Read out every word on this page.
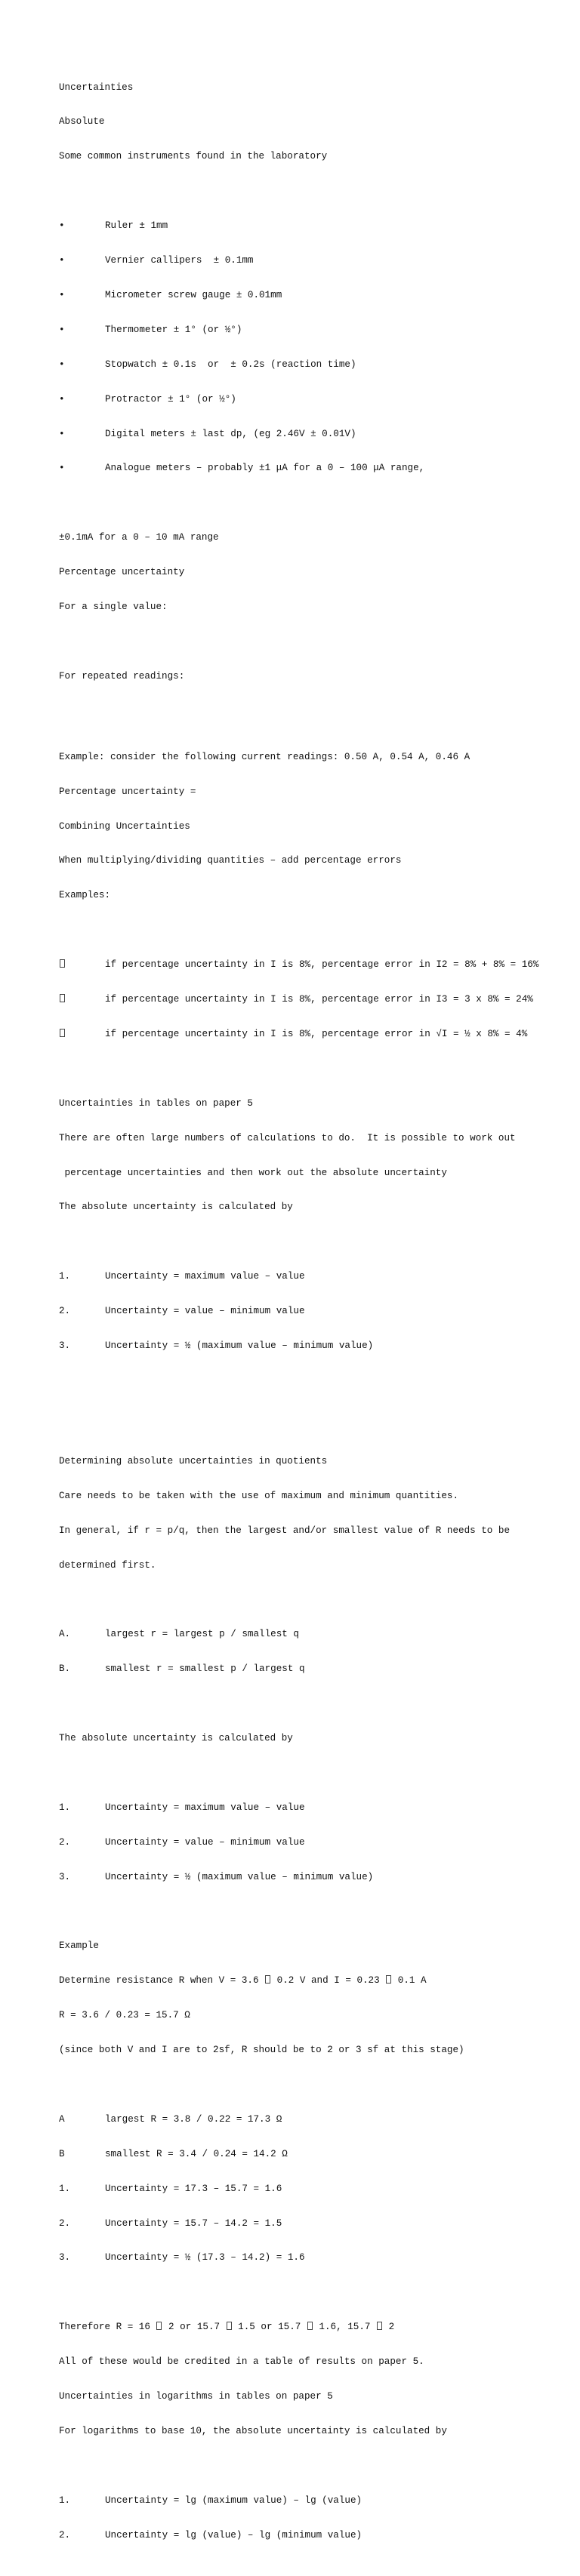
Uncertainties

Absolute

Some common instruments found in the laboratory

•	Ruler ± 1mm

•	Vernier callipers  ± 0.1mm

•	Micrometer screw gauge ± 0.01mm

•	Thermometer ± 1° (or ½°)

•	Stopwatch ± 0.1s  or  ± 0.2s (reaction time)

•	Protractor ± 1° (or ½°)

•	Digital meters ± last dp, (eg 2.46V ± 0.01V)

•	Analogue meters – probably ±1 μA for a 0 – 100 μA range,

±0.1mA for a 0 – 10 mA range

Percentage uncertainty

For a single value:

For repeated readings:

Example: consider the following current readings: 0.50 A, 0.54 A, 0.46 A

Percentage uncertainty =

Combining Uncertainties

When multiplying/dividing quantities – add percentage errors

Examples:

if percentage uncertainty in I is 8%, percentage error in I2 = 8% + 8% = 16%

if percentage uncertainty in I is 8%, percentage error in I3 = 3 x 8% = 24%

if percentage uncertainty in I is 8%, percentage error in √I = ½ x 8% = 4%

Uncertainties in tables on paper 5

There are often large numbers of calculations to do.  It is possible to work out

percentage uncertainties and then work out the absolute uncertainty

The absolute uncertainty is calculated by

1.	Uncertainty = maximum value – value

2.	Uncertainty = value – minimum value

3.	Uncertainty = ½ (maximum value – minimum value)

Determining absolute uncertainties in quotients

Care needs to be taken with the use of maximum and minimum quantities.

In general, if r = p/q, then the largest and/or smallest value of R needs to be

determined first.

A.	largest r = largest p / smallest q

B.	smallest r = smallest p / largest q

The absolute uncertainty is calculated by

1.	Uncertainty = maximum value – value

2.	Uncertainty = value – minimum value

3.	Uncertainty = ½ (maximum value – minimum value)

Example

Determine resistance R when V = 3.6  0.2 V and I = 0.23  0.1 A

R = 3.6 / 0.23 = 15.7 Ω

(since both V and I are to 2sf, R should be to 2 or 3 sf at this stage)

A	largest R = 3.8 / 0.22 = 17.3 Ω

B	smallest R = 3.4 / 0.24 = 14.2 Ω

1.	Uncertainty = 17.3 – 15.7 = 1.6

2.	Uncertainty = 15.7 – 14.2 = 1.5

3.	Uncertainty = ½ (17.3 – 14.2) = 1.6

Therefore R = 16  2 or 15.7  1.5 or 15.7  1.6, 15.7  2

All of these would be credited in a table of results on paper 5.

Uncertainties in logarithms in tables on paper 5

For logarithms to base 10, the absolute uncertainty is calculated by

1.	Uncertainty = lg (maximum value) – lg (value)

2.	Uncertainty = lg (value) – lg (minimum value)
